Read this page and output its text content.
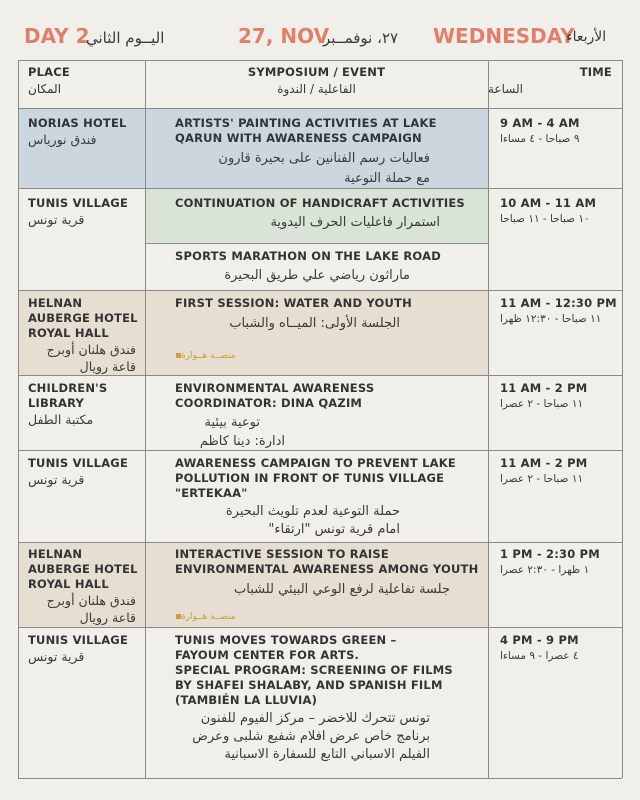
DAY 2
اليــوم الثاني	27, NOV
٢٧، نوفمــبر WEDNESDAY
الأربعاء
PLACE
المكان
SYMPOSIUM / EVENT
الفاعلية / الندوة
TIME
الساعة
NORIAS HOTEL
فندق نورياس
ARTISTS' PAINTING ACTIVITIES AT LAKE QARUN WITH AWARENESS CAMPAIGN
فعاليات رسم الفنانين على بحيرة قارون
مع حملة التوعية
9 AM - 4 AM
٩ صباحا - ٤ مساءا
TUNIS VILLAGE
قرية تونس
CONTINUATION OF HANDICRAFT ACTIVITIES
استمرار فاعليات الحرف اليدوية
10 AM - 11 AM
١٠ صباحا - ١١ صباحا
SPORTS MARATHON ON THE LAKE ROAD
ماراثون رياضي علي طريق البحيرة
HELNAN
AUBERGE HOTEL
ROYAL HALL
فندق هلنان أوبرج
قاعة رويال
FIRST SESSION: WATER AND YOUTH
الجلسة الأولى: الميــاه والشباب
منصــة هــوارة
11 AM - 12:30 PM
١١ صباحا - ١٢:٣٠ ظهرا
CHILDREN'S
LIBRARY
مكتبة الطفل
ENVIRONMENTAL AWARENESS
COORDINATOR: DINA QAZIM
توعية بيئية
ادارة: دينا كاظم
11 AM - 2 PM
١١ صباحا - ٢ عصرا
TUNIS VILLAGE
قرية تونس
AWARENESS CAMPAIGN TO PREVENT LAKE
POLLUTION IN FRONT OF TUNIS VILLAGE
"ERTEKAA"
حملة التوعية لعدم تلويث البحيرة
امام قرية تونس "ارتقاء"
11 AM - 2 PM
١١ صباحا - ٢ عصرا
HELNAN
AUBERGE HOTEL
ROYAL HALL
فندق هلنان أوبرج
قاعة رويال
INTERACTIVE SESSION TO RAISE
ENVIRONMENTAL AWARENESS AMONG YOUTH
جلسة تفاعلية لرفع الوعي البيئي للشباب
منصــة هــوارة
1 PM - 2:30 PM
١ ظهرا - ٢:٣٠ عصرا
TUNIS VILLAGE
قرية تونس
TUNIS MOVES TOWARDS GREEN –
FAYOUM CENTER FOR ARTS.
SPECIAL PROGRAM: SCREENING OF FILMS
BY SHAFEI SHALABY, AND SPANISH FILM
(TAMBIÉN LA LLUVIA)
تونس تتحرك للاخضر – مركز الفيوم للفنون
برنامج خاص عرض افلام شفيع شلبى وعرض
الفيلم الاسباني التابع للسفارة الاسبانية
4 PM - 9 PM
٤ عصرا - ٩ مساءا
